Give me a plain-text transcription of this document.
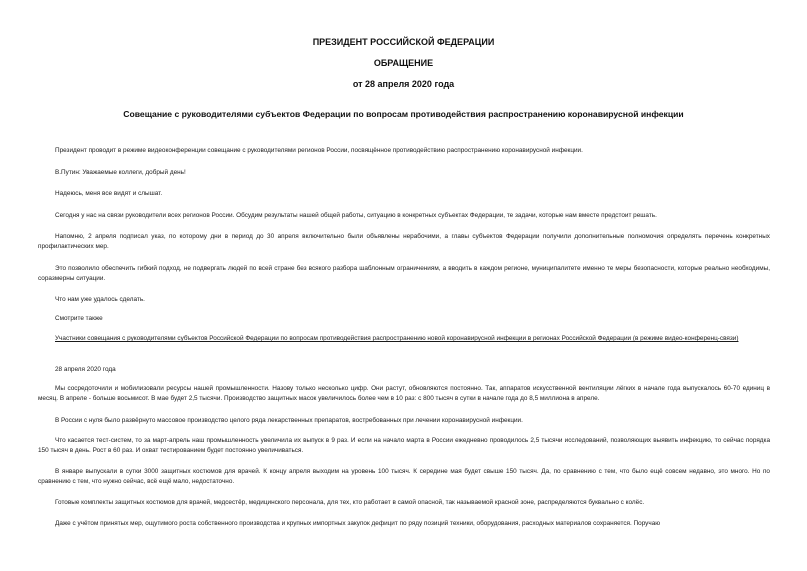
ПРЕЗИДЕНТ РОССИЙСКОЙ ФЕДЕРАЦИИ
ОБРАЩЕНИЕ
от 28 апреля 2020 года
Совещание с руководителями субъектов Федерации по вопросам противодействия распространению коронавирусной инфекции

Президент проводит в режиме видеоконференции совещание с руководителями регионов России, посвящённое противодействию распространению коронавирусной инфекции.

В.Путин: Уважаемые коллеги, добрый день!

Надеюсь, меня все видят и слышат.

Сегодня у нас на связи руководители всех регионов России. Обсудим результаты нашей общей работы, ситуацию в конкретных субъектах Федерации, те задачи, которые нам вместе предстоит решать.

Напомню, 2 апреля подписал указ, по которому дни в период до 30 апреля включительно были объявлены нерабочими, а главы субъектов Федерации получили дополнительные полномочия определять перечень конкретных профилактических мер.

Это позволило обеспечить гибкий подход, не подвергать людей по всей стране без всякого разбора шаблонным ограничениям, а вводить в каждом регионе, муниципалитете именно те меры безопасности, которые реально необходимы, соразмерны ситуации.

Что нам уже удалось сделать.

Смотрите также

Участники совещания с руководителями субъектов Российской Федерации по вопросам противодействия распространению новой коронавирусной инфекции в регионах Российской Федерации (в режиме видео-конференц-связи)

28 апреля 2020 года

Мы сосредоточили и мобилизовали ресурсы нашей промышленности. Назову только несколько цифр. Они растут, обновляются постоянно. Так, аппаратов искусственной вентиляции лёгких в начале года выпускалось 60-70 единиц в месяц. В апреле - больше восьмисот. В мае будет 2,5 тысячи. Производство защитных масок увеличилось более чем в 10 раз: с 800 тысяч в сутки в начале года до 8,5 миллиона в апреле.

В России с нуля было развёрнуто массовое производство целого ряда лекарственных препаратов, востребованных при лечении коронавирусной инфекции.

Что касается тест-систем, то за март-апрель наш промышленность увеличила их выпуск в 9 раз. И если на начало марта в России ежедневно проводилось 2,5 тысячи исследований, позволяющих выявить инфекцию, то сейчас порядка 150 тысяч в день. Рост в 60 раз. И охват тестированием будет постоянно увеличиваться.

В январе выпускали в сутки 3000 защитных костюмов для врачей. К концу апреля выходим на уровень 100 тысяч. К середине мая будет свыше 150 тысяч. Да, по сравнению с тем, что было ещё совсем недавно, это много. Но по сравнению с тем, что нужно сейчас, всё ещё мало, недостаточно.

Готовые комплекты защитных костюмов для врачей, медсестёр, медицинского персонала, для тех, кто работает в самой опасной, так называемой красной зоне, распределяются буквально с колёс.

Даже с учётом принятых мер, ощутимого роста собственного производства и крупных импортных закупок дефицит по ряду позиций техники, оборудования, расходных материалов сохраняется. Поручаю
